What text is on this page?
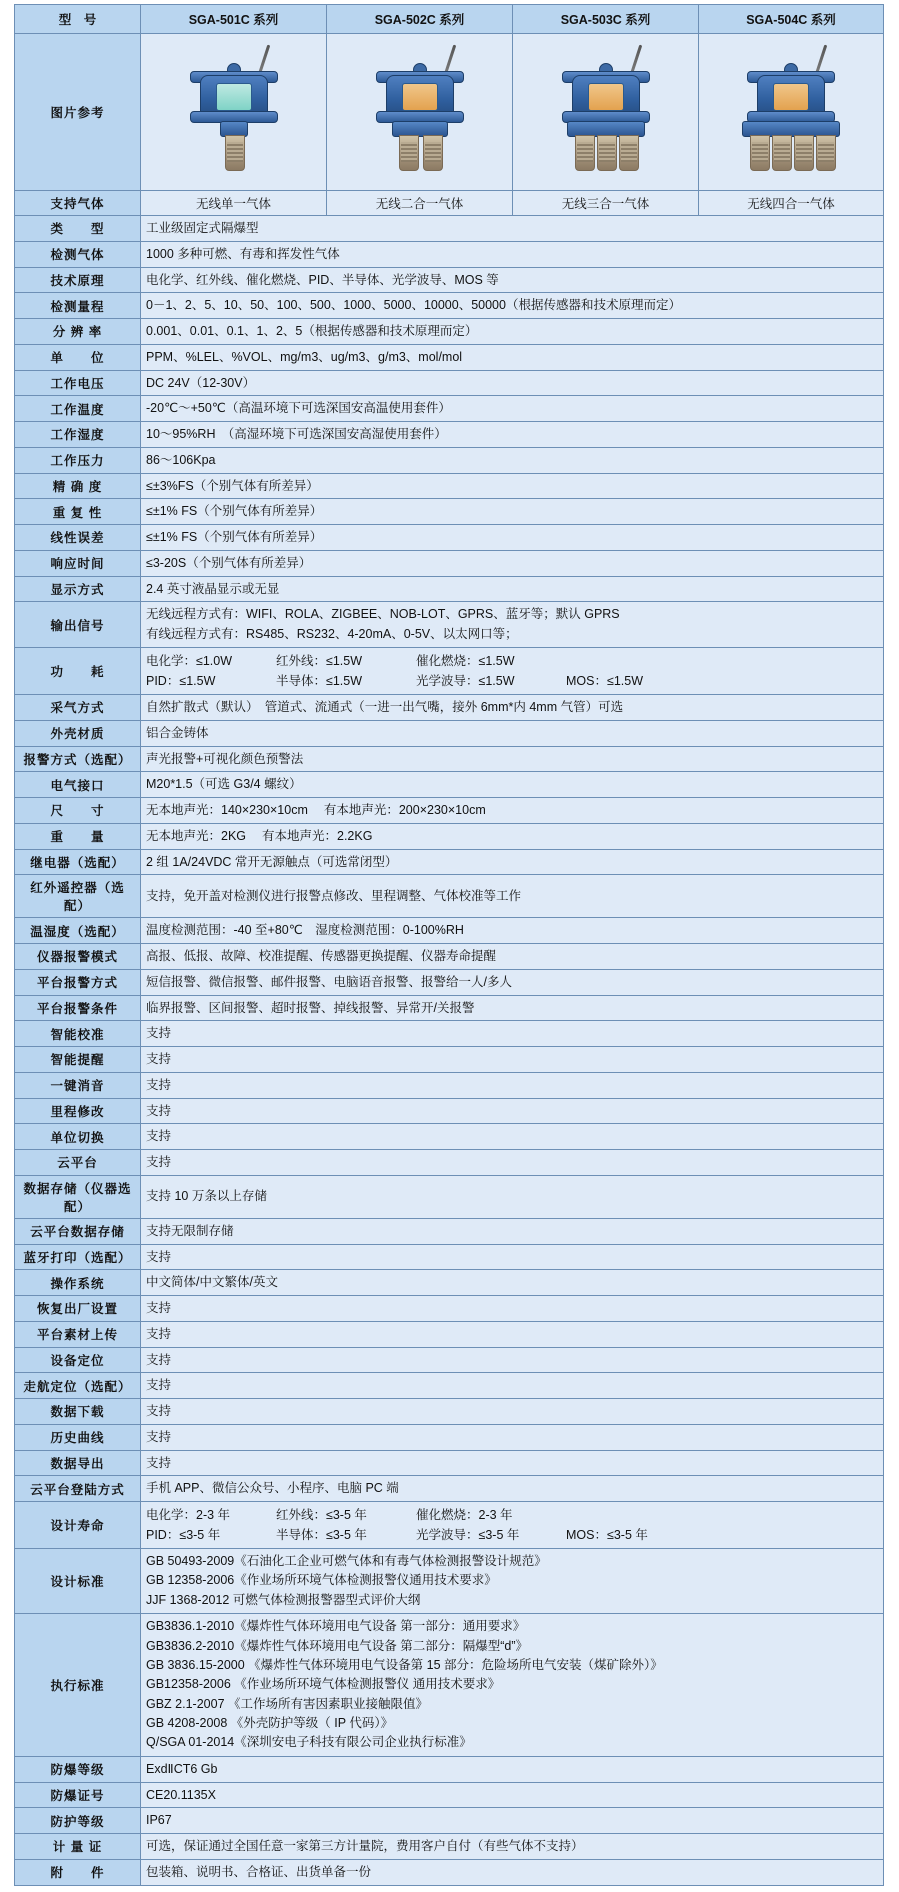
型　号	SGA-501C 系列	SGA-502C 系列	SGA-503C 系列	SGA-504C 系列
图片参考	

支持气体	无线单一气体	无线二合一气体	无线三合一气体	无线四合一气体
类　　型	工业级固定式隔爆型			
检测气体	1000 多种可燃、有毒和挥发性气体			
技术原理	电化学、红外线、催化燃烧、PID、半导体、光学波导、MOS 等			
检测量程	0－1、2、5、10、50、100、500、1000、5000、10000、50000（根据传感器和技术原理而定）			
分 辨 率	0.001、0.01、0.1、1、2、5（根据传感器和技术原理而定）			
单　　位	PPM、%LEL、%VOL、mg/m3、ug/m3、g/m3、mol/mol			
工作电压	DC 24V（12-30V）			
工作温度	-20℃～+50℃（高温环境下可选深国安高温使用套件）			
工作湿度	10～95%RH　（高湿环境下可选深国安高湿使用套件）			
工作压力	86～106Kpa			
精 确 度	≤±3%FS（个别气体有所差异）			
重 复 性	≤±1% FS（个别气体有所差异）			
线性误差	≤±1% FS（个别气体有所差异）			
响应时间	≤3-20S（个别气体有所差异）			
显示方式	2.4 英寸液晶显示或无显			
输出信号	无线远程方式有：WIFI、ROLA、ZIGBEE、NOB-LOT、GPRS、蓝牙等；默认 GPRS
有线远程方式有：RS485、RS232、4-20mA、0-5V、以太网口等；			

功　　耗	
电化学：≤1.0W	红外线：≤1.5W	催化燃烧：≤1.5W
PID：≤1.5W	半导体：≤1.5W	光学波导：≤1.5W	MOS：≤1.5W

采气方式	自然扩散式（默认）　管道式、流通式（一进一出气嘴，接外 6mm*内 4mm 气管）可选			
外壳材质	铝合金铸体			
报警方式（选配）	声光报警+可视化颜色预警法			
电气接口	M20*1.5（可选 G3/4 螺纹）			
尺　　寸	无本地声光：140×230×10cm　 有本地声光：200×230×10cm			
重　　量	无本地声光：2KG　 有本地声光：2.2KG			
继电器（选配）	2 组 1A/24VDC 常开无源触点（可选常闭型）			
红外遥控器（选配）	支持，免开盖对检测仪进行报警点修改、里程调整、气体校准等工作			
温湿度（选配）	温度检测范围：-40 至+80℃　湿度检测范围：0-100%RH			
仪器报警模式	高报、低报、故障、校准提醒、传感器更换提醒、仪器寿命提醒			
平台报警方式	短信报警、微信报警、邮件报警、电脑语音报警、报警给一人/多人			
平台报警条件	临界报警、区间报警、超时报警、掉线报警、异常开/关报警			
智能校准	支持			
智能提醒	支持			
一键消音	支持			
里程修改	支持			
单位切换	支持			
云平台	支持			
数据存储（仪器选配）	支持 10 万条以上存储			
云平台数据存储	支持无限制存储			
蓝牙打印（选配）	支持			
操作系统	中文简体/中文繁体/英文			
恢复出厂设置	支持			
平台素材上传	支持			
设备定位	支持			
走航定位（选配）	支持			
数据下载	支持			
历史曲线	支持			
数据导出	支持			
云平台登陆方式	手机 APP、微信公众号、小程序、电脑 PC 端			
设计寿命	
电化学：2-3 年	红外线：≤3-5 年	催化燃烧：2-3 年
PID：≤3-5 年	半导体：≤3-5 年	光学波导：≤3-5 年	MOS：≤3-5 年

设计标准	GB 50493-2009《石油化工企业可燃气体和有毒气体检测报警设计规范》
GB 12358-2006《作业场所环境气体检测报警仪通用技术要求》
JJF 1368-2012 可燃气体检测报警器型式评价大纲			

执行标准	
GB3836.1-2010《爆炸性气体环境用电气设备 第一部分：通用要求》
GB3836.2-2010《爆炸性气体环境用电气设备 第二部分：隔爆型“d”》
GB 3836.15-2000 《爆炸性气体环境用电气设备第 15 部分：危险场所电气安装（煤矿除外）》
GB12358-2006 《作业场所环境气体检测报警仪 通用技术要求》
GBZ 2.1-2007 《工作场所有害因素职业接触限值》
GB 4208-2008 《外壳防护等级（ IP 代码）》
Q/SGA 01-2014《深圳安电子科技有限公司企业执行标准》

防爆等级	ExdⅡCT6 Gb			
防爆证号	CE20.1135X			
防护等级	IP67			
计 量 证	可选，保证通过全国任意一家第三方计量院，费用客户自付（有些气体不支持）			
附　　件	包装箱、说明书、合格证、出货单备一份			
